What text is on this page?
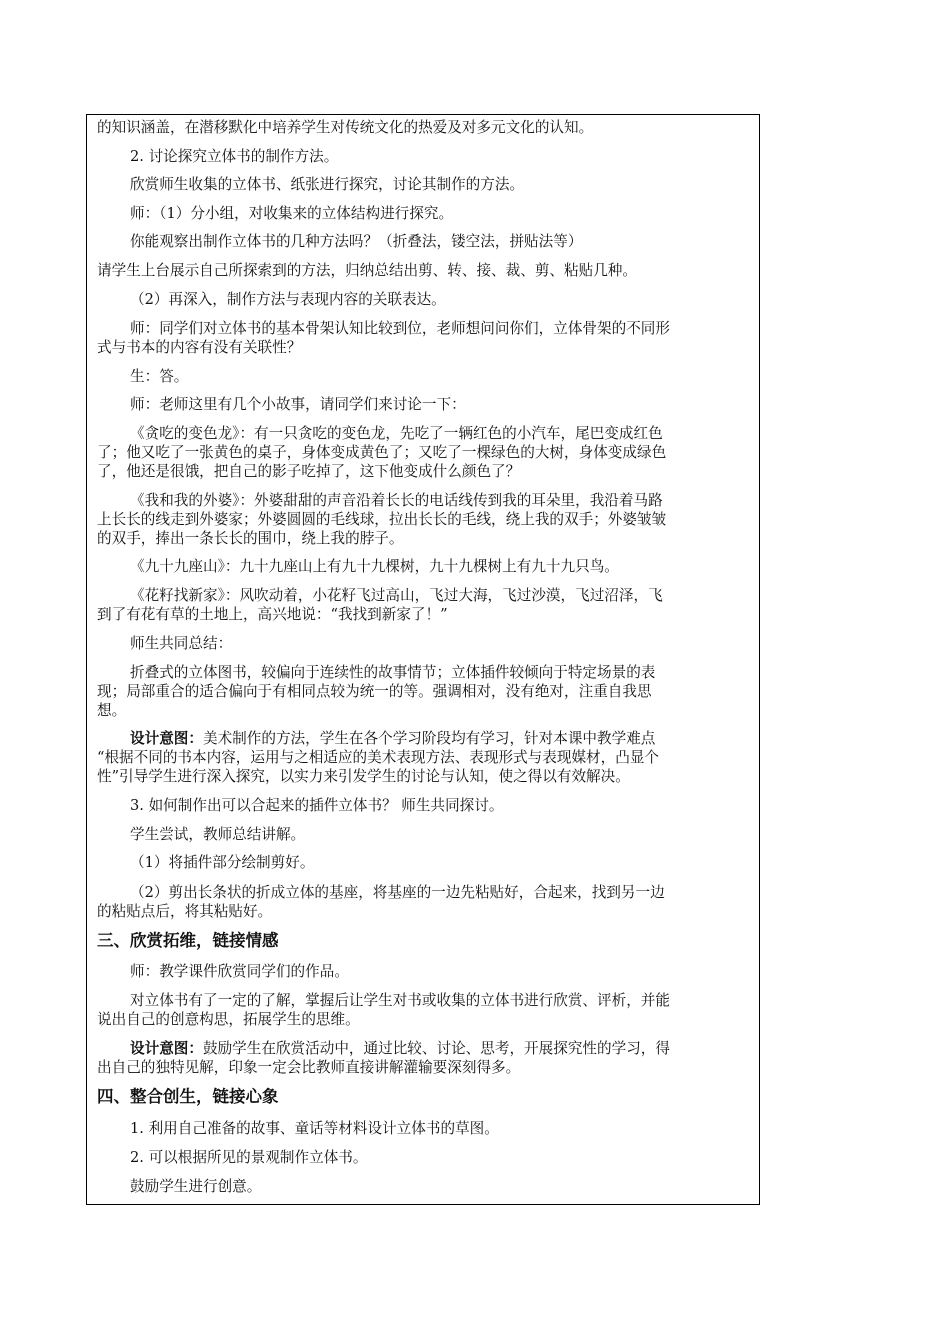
的知识涵盖，在潜移默化中培养学生对传统文化的热爱及对多元文化的认知。
2. 讨论探究立体书的制作方法。
欣赏师生收集的立体书、纸张进行探究，讨论其制作的方法。
师：（1）分小组，对收集来的立体结构进行探究。
你能观察出制作立体书的几种方法吗？（折叠法，镂空法，拼贴法等）
请学生上台展示自己所探索到的方法，归纳总结出剪、转、接、裁、剪、粘贴几种。
（2）再深入，制作方法与表现内容的关联表达。
师：同学们对立体书的基本骨架认知比较到位，老师想问问你们，立体骨架的不同形
式与书本的内容有没有关联性？
生：答。
师：老师这里有几个小故事，请同学们来讨论一下：
《贪吃的变色龙》：有一只贪吃的变色龙，先吃了一辆红色的小汽车，尾巴变成红色
了；他又吃了一张黄色的桌子，身体变成黄色了；又吃了一棵绿色的大树，身体变成绿色
了，他还是很饿，把自己的影子吃掉了，这下他变成什么颜色了？
《我和我的外婆》：外婆甜甜的声音沿着长长的电话线传到我的耳朵里，我沿着马路
上长长的线走到外婆家；外婆圆圆的毛线球，拉出长长的毛线，绕上我的双手；外婆皱皱
的双手，捧出一条长长的围巾，绕上我的脖子。
《九十九座山》：九十九座山上有九十九棵树，九十九棵树上有九十九只鸟。
《花籽找新家》：风吹动着，小花籽飞过高山，飞过大海，飞过沙漠，飞过沼泽，飞
到了有花有草的土地上，高兴地说：“我找到新家了！”
师生共同总结：
折叠式的立体图书，较偏向于连续性的故事情节；立体插件较倾向于特定场景的表
现；局部重合的适合偏向于有相同点较为统一的等。强调相对，没有绝对，注重自我思
想。
设计意图：美术制作的方法，学生在各个学习阶段均有学习，针对本课中教学难点
“根据不同的书本内容，运用与之相适应的美术表现方法、表现形式与表现媒材，凸显个
性”引导学生进行深入探究，以实力来引发学生的讨论与认知，使之得以有效解决。
3. 如何制作出可以合起来的插件立体书？ 师生共同探讨。
学生尝试，教师总结讲解。
（1）将插件部分绘制剪好。
（2）剪出长条状的折成立体的基座，将基座的一边先粘贴好，合起来，找到另一边
的粘贴点后，将其粘贴好。
三、欣赏拓维，链接情感
师：教学课件欣赏同学们的作品。
对立体书有了一定的了解，掌握后让学生对书或收集的立体书进行欣赏、评析，并能
说出自己的创意构思，拓展学生的思维。
设计意图：鼓励学生在欣赏活动中，通过比较、讨论、思考，开展探究性的学习，得
出自己的独特见解，印象一定会比教师直接讲解灌输要深刻得多。
四、整合创生，链接心象
1. 利用自己准备的故事、童话等材料设计立体书的草图。
2. 可以根据所见的景观制作立体书。
鼓励学生进行创意。
